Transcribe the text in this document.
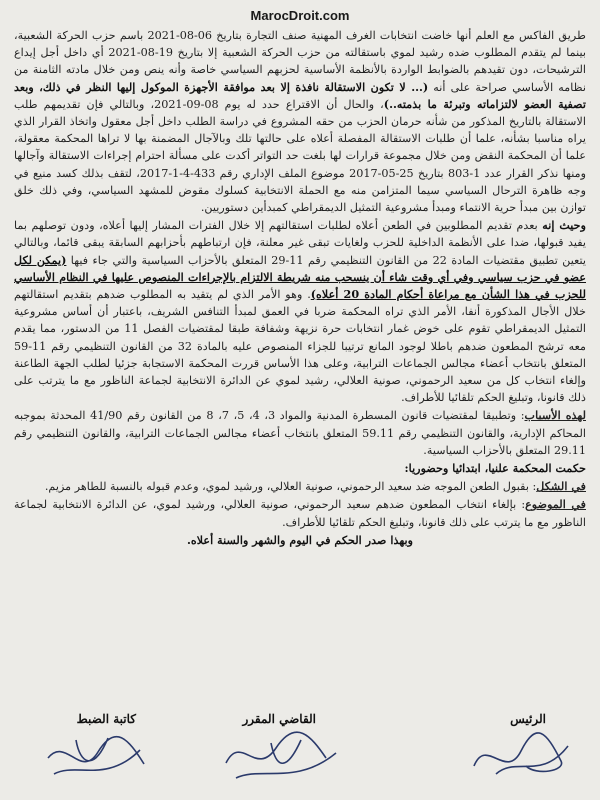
MarocDroit.com

طريق الفاكس مع العلم أنها خاضت انتخابات الغرف المهنية صنف التجارة بتاريخ 06-08-2021 باسم حزب الحركة الشعبية، بينما لم يتقدم المطلوب ضده رشيد لموي باستقالته من حزب الحركة الشعبية إلا بتاريخ 19-08-2021 أي داخل أجل إيداع الترشيحات، دون تقيدهم بالضوابط الواردة بالأنظمة الأساسية لحزبهم السياسي خاصة وأنه ينص ومن خلال مادته الثامنة من نظامه الأساسي صراحة على أنه (... لا تكون الاستقالة نافذة إلا بعد موافقة الأجهزة الموكول إليها النظر في ذلك، وبعد تصفية العضو لالتزاماته وتبرئة ما بذمته..)، والحال أن الاقتراع حدد له يوم 08-09-2021، وبالتالي فإن تقديمهم طلب الاستقالة بالتاريخ المذكور من شأنه حرمان الحزب من حقه المشروع في دراسة الطلب داخل أجل معقول واتخاذ القرار الذي يراه مناسبا بشأنه، علما أن طلبات الاستقالة المفصلة أعلاه على حالتها تلك وبالآجال المضمنة بها لا تراها المحكمة معقولة، علما أن المحكمة النقض ومن خلال مجموعة قرارات لها بلغت حد التواتر أكدت على مسألة احترام إجراءات الاستقالة وآجالها ومنها نذكر القرار عدد 1-803 بتاريخ 25-05-2017 موضوع الملف الإداري رقم 433-4-1-2017، لتقف بذلك كسد منيع في وجه ظاهرة الترحال السياسي سيما المتزامن منه مع الحملة الانتخابية كسلوك مقوض للمشهد السياسي، وفي ذلك خلق توازن بين مبدأ حرية الانتماء ومبدأ مشروعية التمثيل الديمقراطي كمبدأين دستوريين.

وحيث إنه بعدم تقديم المطلوبين في الطعن أعلاه لطلبات استقالتهم إلا خلال الفترات المشار إليها أعلاه، ودون توصلهم بما يفيد قبولها، ضدا على الأنظمة الداخلية للحزب ولغايات تبقى غير معلنة، فإن ارتباطهم بأحزابهم السابقة يبقى قائما، وبالتالي يتعين تطبيق مقتضيات المادة 22 من القانون التنظيمي رقم 11-29 المتعلق بالأحزاب السياسية والتي جاء فيها (يمكن لكل عضو في حزب سياسي وفي أي وقت شاء أن ينسحب منه شريطة الالتزام بالإجراءات المنصوص عليها في النظام الأساسي للحزب في هذا الشأن مع مراعاة أحكام المادة 20 أعلاه). وهو الأمر الذي لم يتقيد به المطلوب ضدهم بتقديم استقالتهم خلال الأجال المذكورة أنفا، الأمر الذي تراه المحكمة ضربا في العمق لمبدأ التنافس الشريف، باعتبار أن أساس مشروعية التمثيل الديمقراطي تقوم على خوض غمار انتخابات حرة نزيهة وشفافة طبقا لمقتضيات الفصل 11 من الدستور، مما يقدم معه ترشح المطعون ضدهم باطلا لوجود المانع ترتيبا للجزاء المنصوص عليه بالمادة 32 من القانون التنظيمي رقم 11-59 المتعلق بانتخاب أعضاء مجالس الجماعات الترابية، وعلى هذا الأساس قررت المحكمة الاستجابة جزئيا لطلب الجهة الطاعنة وإلغاء انتخاب كل من سعيد الرحموني، صونية العلالي، رشيد لموي عن الدائرة الانتخابية لجماعة الناظور مع ما يترتب على ذلك قانونا، وتبليغ الحكم تلقائيا للأطراف.

لهذه الأسباب: وتطبيقا لمقتضيات قانون المسطرة المدنية والمواد 3، 4، 5، 7، 8 من القانون رقم 41/90 المحدثة بموجبه المحاكم الإدارية، والقانون التنظيمي رقم 59.11 المتعلق بانتخاب أعضاء مجالس الجماعات الترابية، والقانون التنظيمي رقم 29.11 المتعلق بالأحزاب السياسية.

حكمت المحكمة علنيا، ابتدائيا وحضوريا:

في الشكل: بقبول الطعن الموجه ضد سعيد الرحموني، صونية العلالي، ورشيد لموي، وعدم قبوله بالنسبة للطاهر مزيم.

في الموضوع: بإلغاء انتخاب المطعون ضدهم سعيد الرحموني، صونية العلالي، ورشيد لموي، عن الدائرة الانتخابية لجماعة الناظور مع ما يترتب على ذلك قانونا، وتبليغ الحكم تلقائيا للأطراف.

وبهذا صدر الحكم في اليوم والشهر والسنة أعلاه.

الرئيس
القاضي المقرر
كاتبة الضبط
